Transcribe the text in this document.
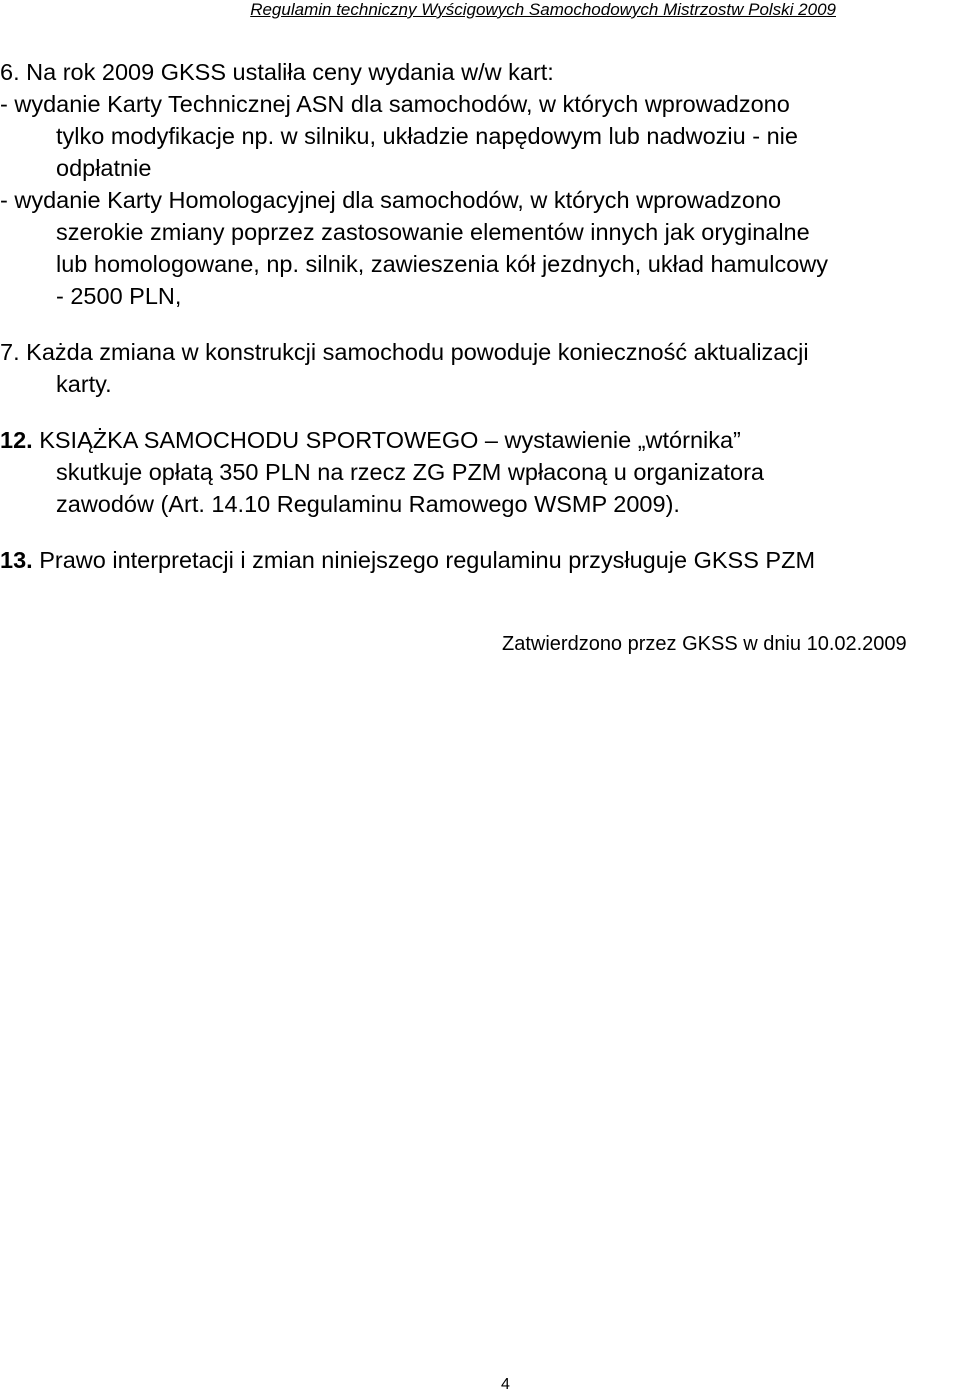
Regulamin techniczny Wyścigowych Samochodowych Mistrzostw Polski 2009
6. Na rok 2009 GKSS ustaliła ceny wydania w/w kart:
- wydanie Karty Technicznej ASN dla samochodów, w których wprowadzono
tylko modyfikacje np. w silniku, układzie napędowym lub nadwoziu - nie
odpłatnie
- wydanie Karty Homologacyjnej dla samochodów, w których wprowadzono
szerokie zmiany poprzez zastosowanie elementów innych jak oryginalne
lub homologowane, np. silnik, zawieszenia kół jezdnych, układ hamulcowy
- 2500 PLN,
7. Każda zmiana w konstrukcji samochodu powoduje konieczność aktualizacji
karty.
12. KSIĄŻKA SAMOCHODU SPORTOWEGO – wystawienie „wtórnika”
skutkuje opłatą 350 PLN na rzecz ZG PZM wpłaconą u organizatora
zawodów (Art. 14.10 Regulaminu Ramowego WSMP 2009).
13. Prawo interpretacji i zmian niniejszego regulaminu przysługuje GKSS PZM
Zatwierdzono przez GKSS w dniu 10.02.2009
4
